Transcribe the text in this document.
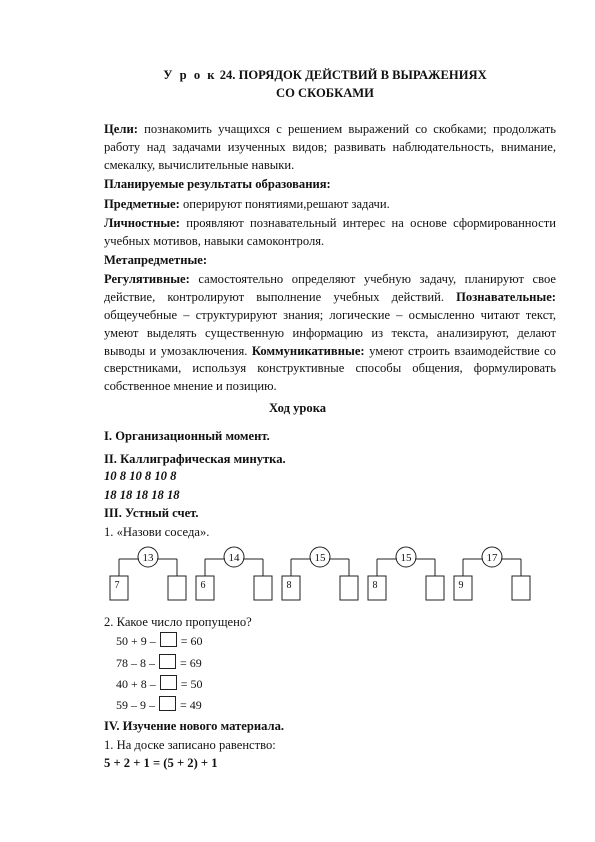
У р о к 24. ПОРЯДОК ДЕЙСТВИЙ В ВЫРАЖЕНИЯХ
СО СКОБКАМИ

Цели: познакомить учащихся с решением выражений со скобками; продолжать работу над задачами изученных видов; развивать наблюдательность, внимание, смекалку, вычислительные навыки.

Планируемые результаты образования:

Предметные: оперируют понятиями,решают задачи.

Личностные: проявляют познавательный интерес на основе сформированности учебных мотивов, навыки самоконтроля.

Метапредметные:

Регулятивные: самостоятельно определяют учебную задачу, планируют свое действие, контролируют выполнение учебных действий. Познавательные: общеучебные – структурируют знания; логические – осмысленно читают текст, умеют выделять существенную информацию из текста, анализируют, делают выводы и умозаключения. Коммуникативные: умеют строить взаимодействие со сверстниками, используя конструктивные способы общения, формулировать собственное мнение и позицию.

Ход урока

I. Организационный момент.

II. Каллиграфическая минутка.

10 8 10 8 10 8

18 18 18 18 18

III. Устный счет.

1. «Назови соседа».

13
7
14
6
15
8
15
8
17
9

2. Какое число пропущено?

50 + 9 –  = 60
78 – 8 –  = 69
40 + 8 –  = 50
59 – 9 –  = 49

IV. Изучение нового материала.

1. На доске записано равенство:

5 + 2 + 1 = (5 + 2) + 1
